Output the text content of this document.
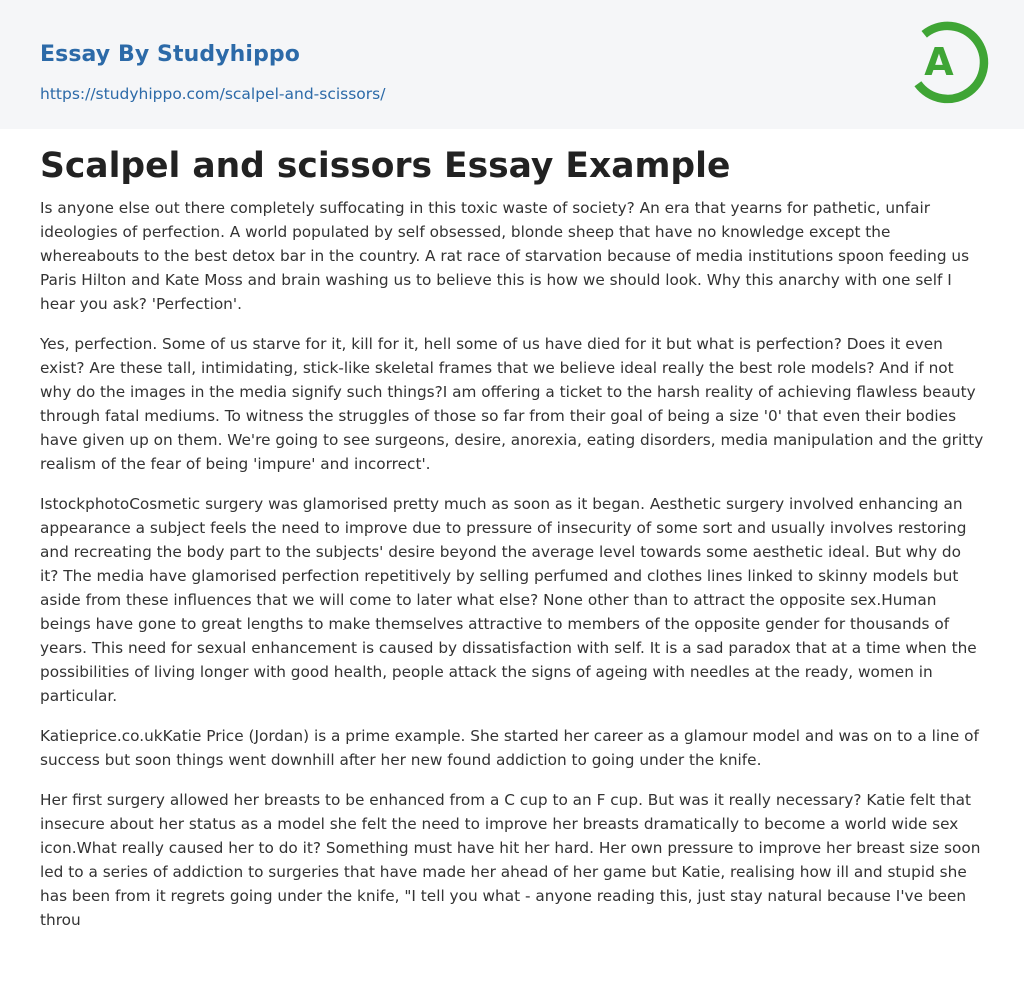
Essay By Studyhippo
https://studyhippo.com/scalpel-and-scissors/
A
Scalpel and scissors Essay Example

Is anyone else out there completely suffocating in this toxic waste of society? An era that yearns for pathetic, unfair ideologies of perfection. A world populated by self obsessed, blonde sheep that have no knowledge except the whereabouts to the best detox bar in the country. A rat race of starvation because of media institutions spoon feeding us Paris Hilton and Kate Moss and brain washing us to believe this is how we should look. Why this anarchy with one self I hear you ask? 'Perfection'.

Yes, perfection. Some of us starve for it, kill for it, hell some of us have died for it but what is perfection? Does it even exist? Are these tall, intimidating, stick-like skeletal frames that we believe ideal really the best role models? And if not why do the images in the media signify such things?I am offering a ticket to the harsh reality of achieving flawless beauty through fatal mediums. To witness the struggles of those so far from their goal of being a size '0' that even their bodies have given up on them. We're going to see surgeons, desire, anorexia, eating disorders, media manipulation and the gritty realism of the fear of being 'impure' and incorrect'.

IstockphotoCosmetic surgery was glamorised pretty much as soon as it began. Aesthetic surgery involved enhancing an appearance a subject feels the need to improve due to pressure of insecurity of some sort and usually involves restoring and recreating the body part to the subjects' desire beyond the average level towards some aesthetic ideal. But why do it? The media have glamorised perfection repetitively by selling perfumed and clothes lines linked to skinny models but aside from these influences that we will come to later what else? None other than to attract the opposite sex.Human beings have gone to great lengths to make themselves attractive to members of the opposite gender for thousands of years. This need for sexual enhancement is caused by dissatisfaction with self. It is a sad paradox that at a time when the possibilities of living longer with good health, people attack the signs of ageing with needles at the ready, women in particular.

Katieprice.co.ukKatie Price (Jordan) is a prime example. She started her career as a glamour model and was on to a line of success but soon things went downhill after her new found addiction to going under the knife.

Her first surgery allowed her breasts to be enhanced from a C cup to an F cup. But was it really necessary? Katie felt that insecure about her status as a model she felt the need to improve her breasts dramatically to become a world wide sex icon.What really caused her to do it? Something must have hit her hard. Her own pressure to improve her breast size soon led to a series of addiction to surgeries that have made her ahead of her game but Katie, realising how ill and stupid she has been from it regrets going under the knife, "I tell you what - anyone reading this, just stay natural because I've been throu
